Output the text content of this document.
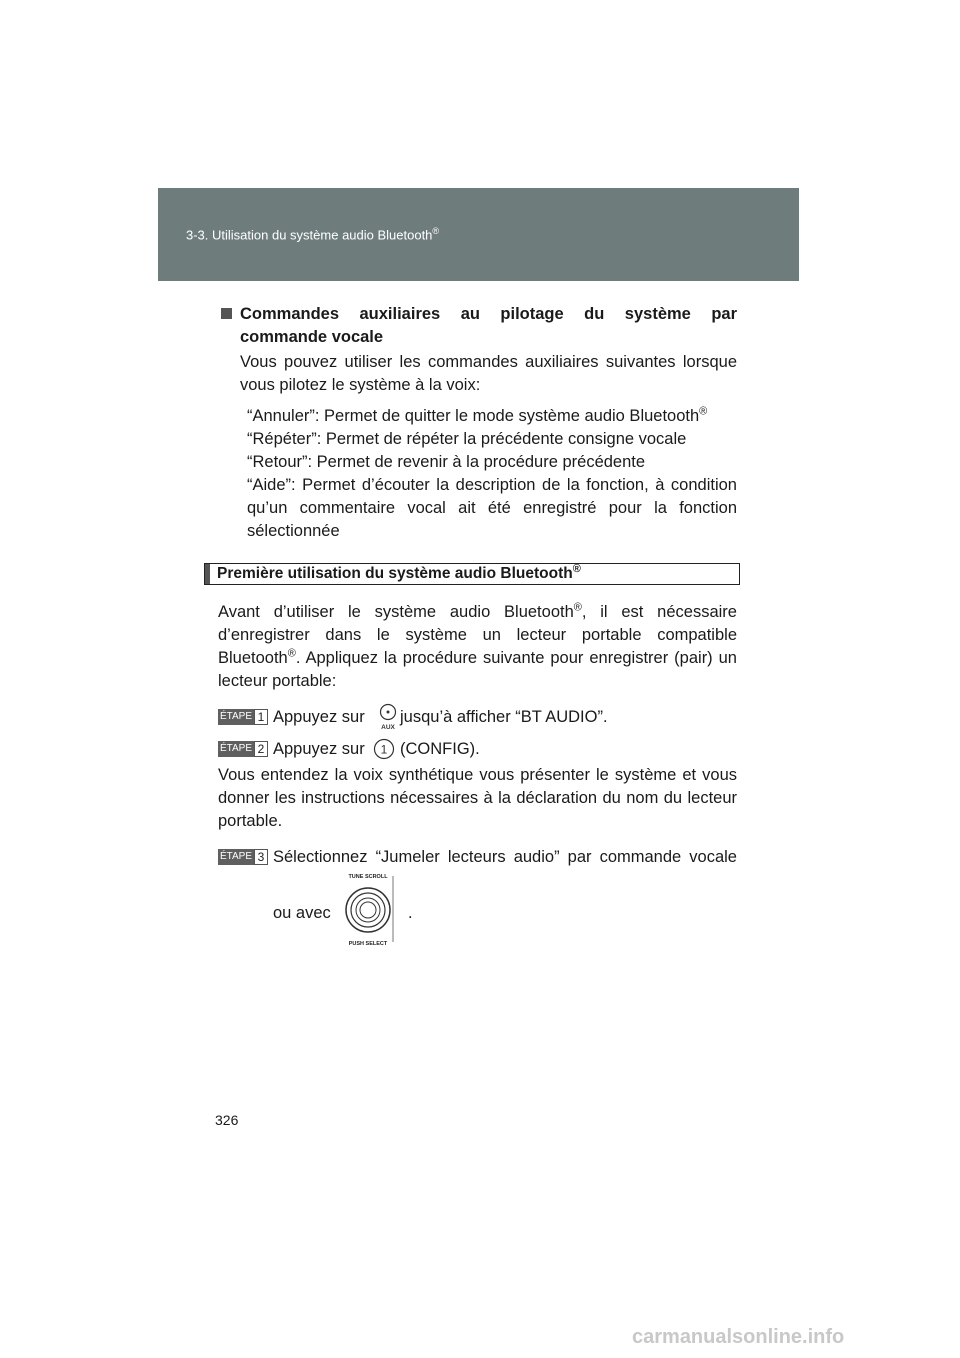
3-3. Utilisation du système audio Bluetooth®
Commandes auxiliaires au pilotage du système par
commande vocale
Vous pouvez utiliser les commandes auxiliaires suivantes lorsque vous pilotez le système à la voix:
“Annuler”: Permet de quitter le mode système audio Bluetooth®
“Répéter”: Permet de répéter la précédente consigne vocale
“Retour”: Permet de revenir à la procédure précédente
“Aide”: Permet d’écouter la description de la fonction, à condition qu’un commentaire vocal ait été enregistré pour la fonction sélectionnée
Première utilisation du système audio Bluetooth®
Avant d’utiliser le système audio Bluetooth®, il est nécessaire d’enregistrer dans le système un lecteur portable compatible Bluetooth®. Appliquez la procédure suivante pour enregistrer (pair) un lecteur portable:
ÉTAPE 1 Appuyez sur
AUX
jusqu’à afficher “BT AUDIO”.
ÉTAPE 2 Appuyez sur 1 (CONFIG).
Vous entendez la voix synthétique vous présenter le système et vous donner les instructions nécessaires à la déclaration du nom du lecteur portable.
ÉTAPE 3 Sélectionnez “Jumeler lecteurs audio” par commande vocale
ou avec
TUNE SCROLL
PUSH SELECT
.
326
carmanualsonline.info
